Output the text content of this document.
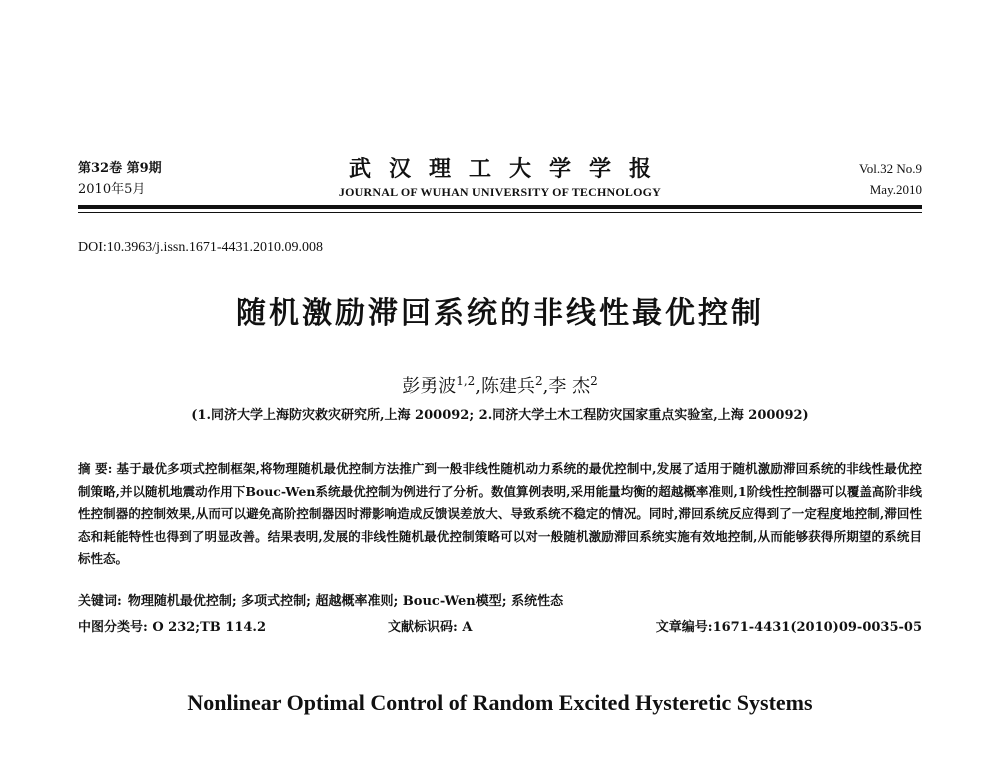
第32卷 第9期
2010年5月
武汉理工大学学报
JOURNAL OF WUHAN UNIVERSITY OF TECHNOLOGY
Vol.32 No.9
May.2010
DOI:10.3963/j.issn.1671-4431.2010.09.008
随机激励滞回系统的非线性最优控制
彭勇波$^{1,2}$,陈建兵$^2$,李 杰$^2$
(1.同济大学上海防灾救灾研究所,上海 200092; 2.同济大学土木工程防灾国家重点实验室,上海 200092)
摘 要: 基于最优多项式控制框架,将物理随机最优控制方法推广到一般非线性随机动力系统的最优控制中,发展了适用于随机激励滞回系统的非线性最优控制策略,并以随机地震动作用下Bouc-Wen系统最优控制为例进行了分析。数值算例表明,采用能量均衡的超越概率准则,1阶线性控制器可以覆盖高阶非线性控制器的控制效果,从而可以避免高阶控制器因时滞影响造成反馈误差放大、导致系统不稳定的情况。同时,滞回系统反应得到了一定程度地控制,滞回性态和耗能特性也得到了明显改善。结果表明,发展的非线性随机最优控制策略可以对一般随机激励滞回系统实施有效地控制,从而能够获得所期望的系统目标性态。
关键词: 物理随机最优控制; 多项式控制; 超越概率准则; Bouc-Wen模型; 系统性态
中图分类号: O 232;TB 114.2	文献标识码: A	文章编号:1671-4431(2010)09-0035-05
Nonlinear Optimal Control of Random Excited Hysteretic Systems
